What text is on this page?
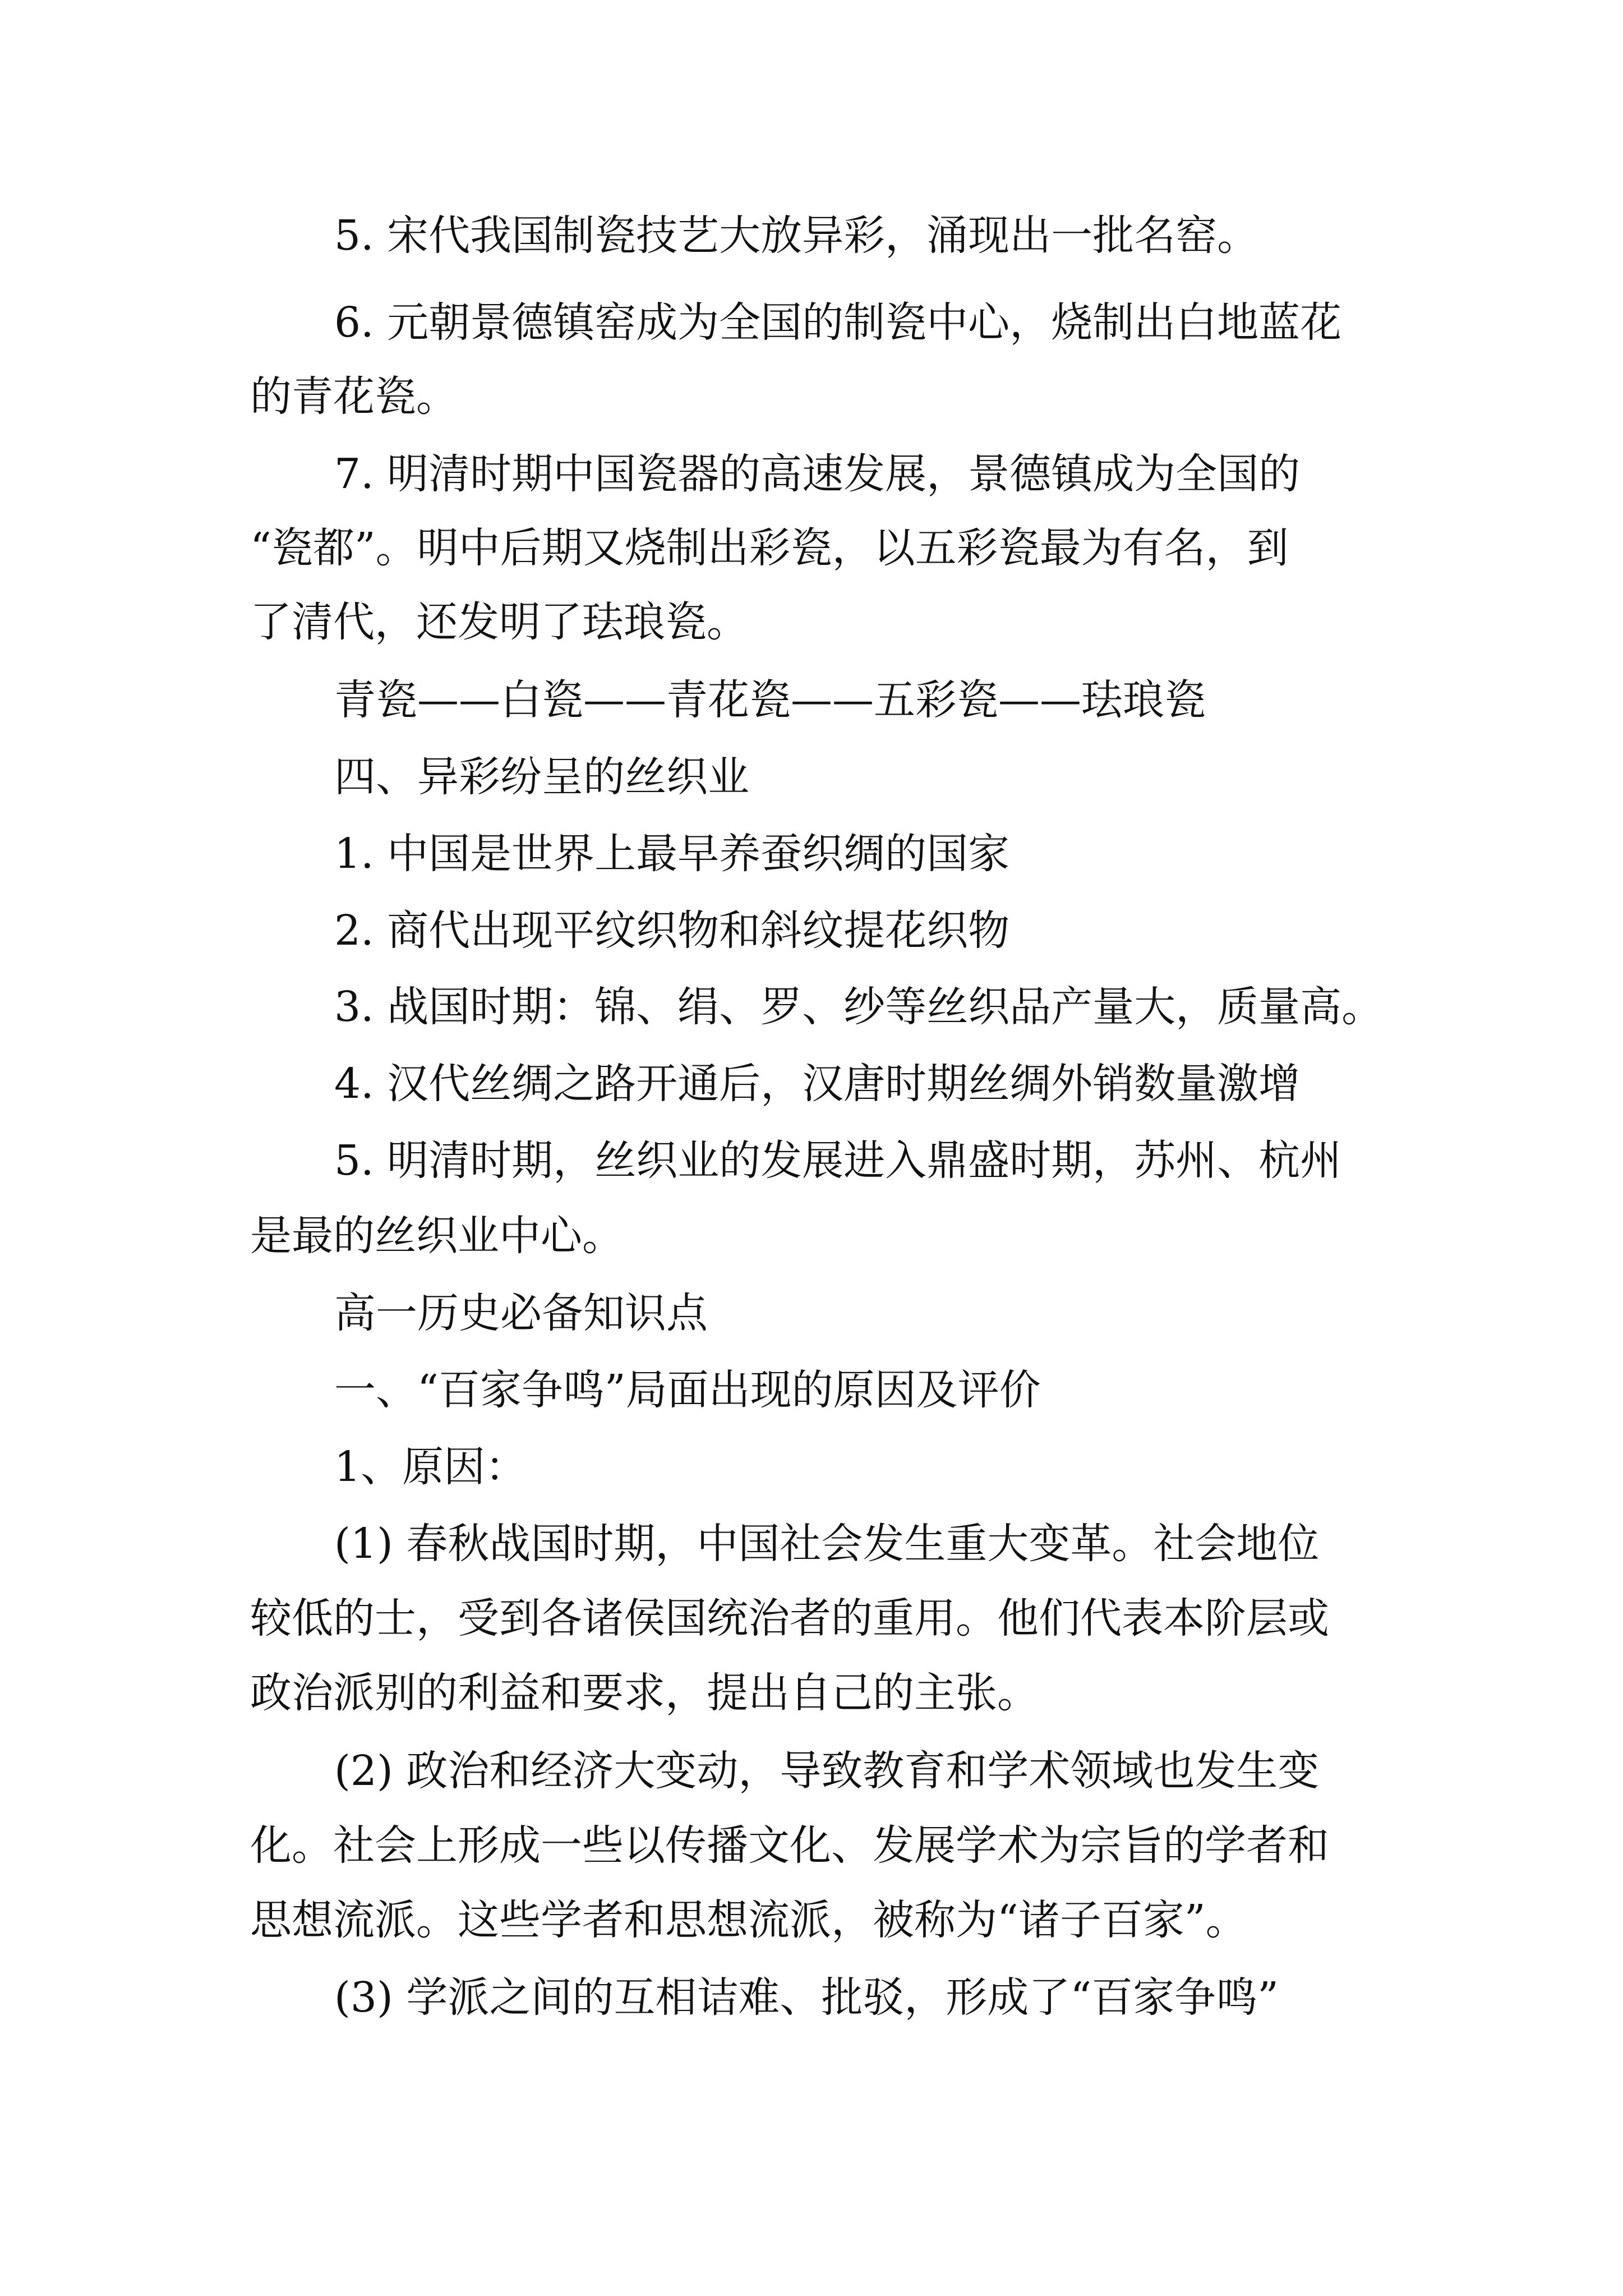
5. 宋代我国制瓷技艺大放异彩，涌现出一批名窑。

6. 元朝景德镇窑成为全国的制瓷中心，烧制出白地蓝花

的青花瓷。

7. 明清时期中国瓷器的高速发展，景德镇成为全国的

“瓷都”。明中后期又烧制出彩瓷，以五彩瓷最为有名，到

了清代，还发明了珐琅瓷。

青瓷——白瓷——青花瓷——五彩瓷——珐琅瓷

四、异彩纷呈的丝织业

1. 中国是世界上最早养蚕织绸的国家

2. 商代出现平纹织物和斜纹提花织物

3. 战国时期：锦、绢、罗、纱等丝织品产量大，质量高。

4. 汉代丝绸之路开通后，汉唐时期丝绸外销数量激增

5. 明清时期，丝织业的发展进入鼎盛时期，苏州、杭州

是最的丝织业中心。

高一历史必备知识点

一、“百家争鸣”局面出现的原因及评价

1、原因：

(1) 春秋战国时期，中国社会发生重大变革。社会地位

较低的士，受到各诸侯国统治者的重用。他们代表本阶层或

政治派别的利益和要求，提出自己的主张。

(2) 政治和经济大变动，导致教育和学术领域也发生变

化。社会上形成一些以传播文化、发展学术为宗旨的学者和

思想流派。这些学者和思想流派，被称为“诸子百家”。

(3) 学派之间的互相诘难、批驳，形成了“百家争鸣”
